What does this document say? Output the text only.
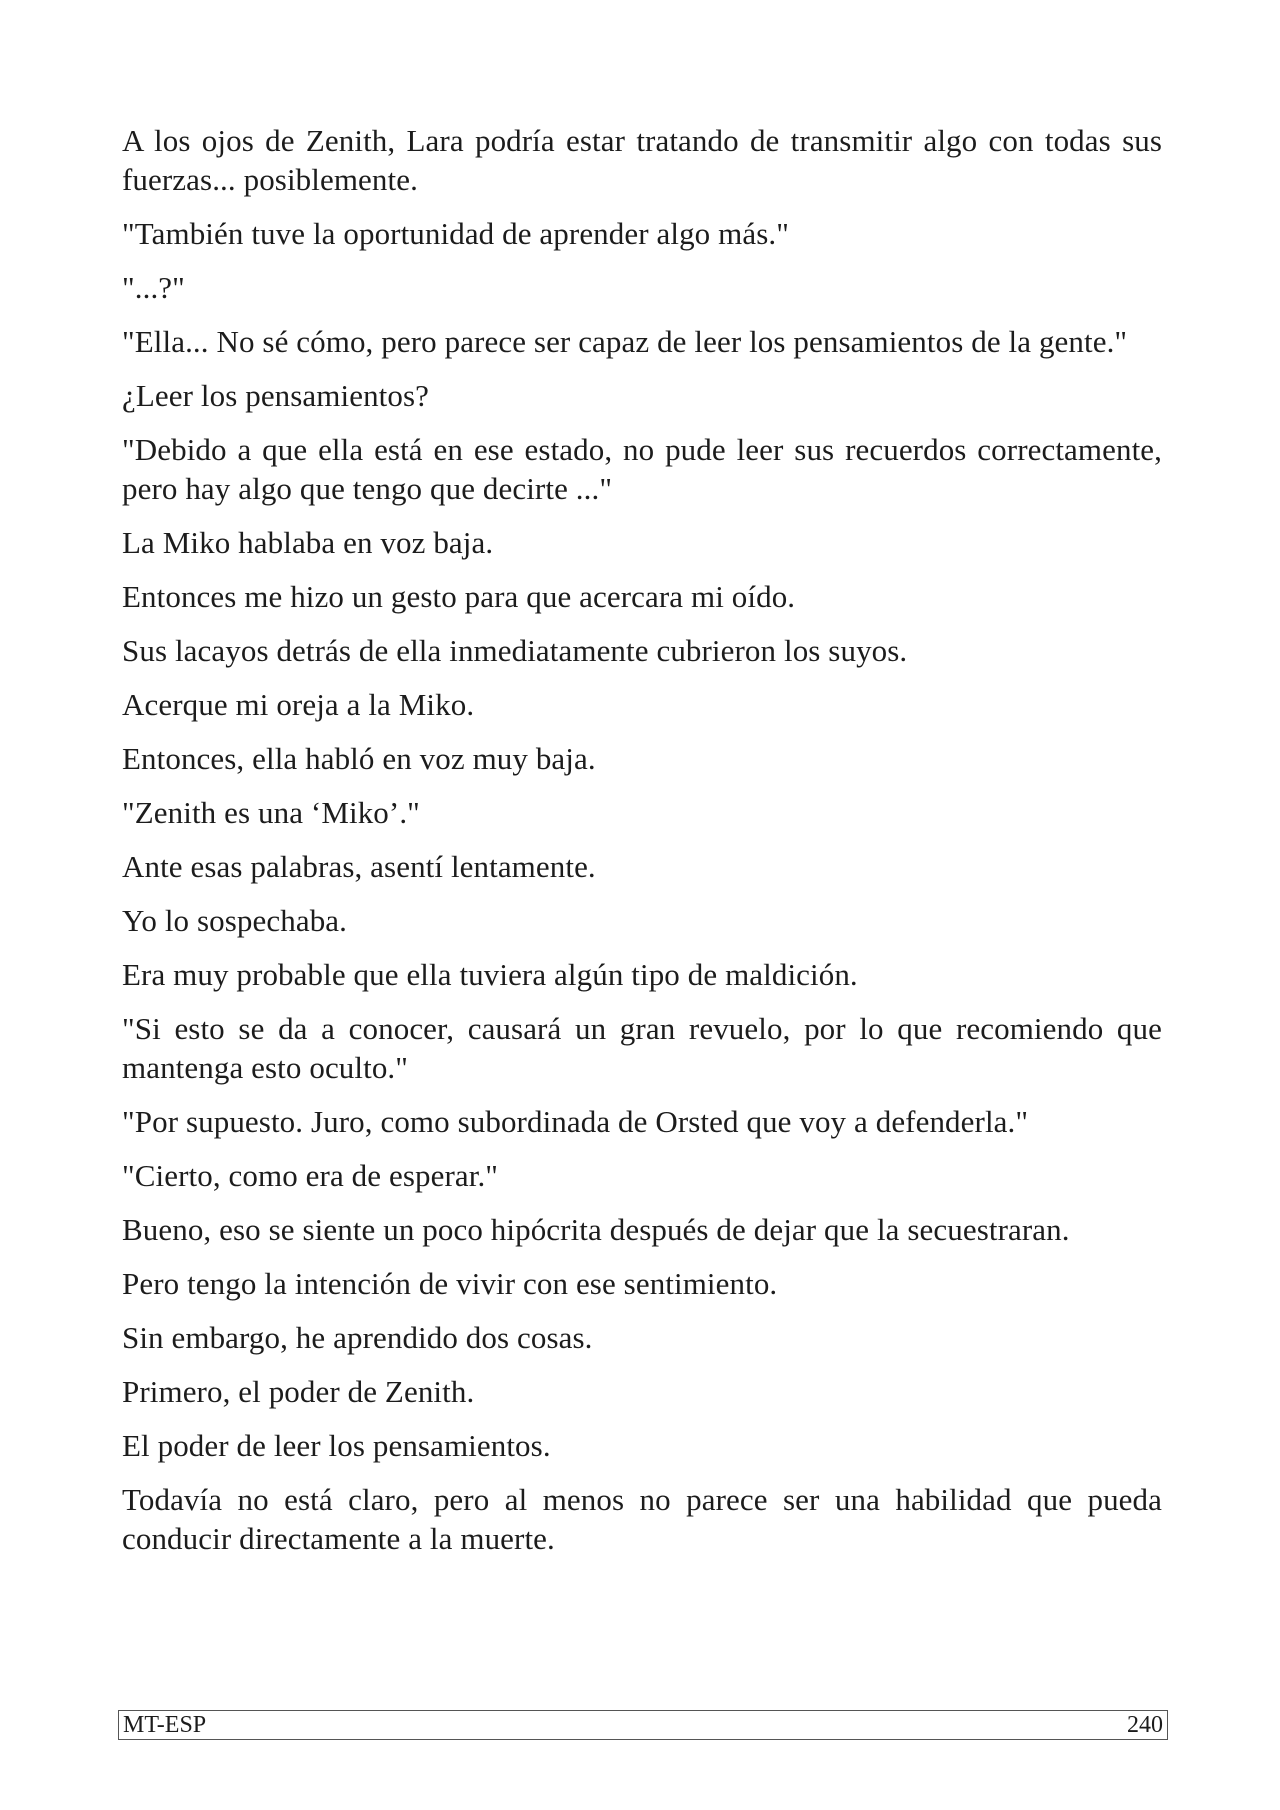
A los ojos de Zenith, Lara podría estar tratando de transmitir algo con todas sus fuerzas... posiblemente.

"También tuve la oportunidad de aprender algo más."

"...?"

"Ella... No sé cómo, pero parece ser capaz de leer los pensamientos de la gente."

¿Leer los pensamientos?

"Debido a que ella está en ese estado, no pude leer sus recuerdos correctamente, pero hay algo que tengo que decirte ..."

La Miko hablaba en voz baja.

Entonces me hizo un gesto para que acercara mi oído.

Sus lacayos detrás de ella inmediatamente cubrieron los suyos.

Acerque mi oreja a la Miko.

Entonces, ella habló en voz muy baja.

"Zenith es una ‘Miko’."

Ante esas palabras, asentí lentamente.

Yo lo sospechaba.

Era muy probable que ella tuviera algún tipo de maldición.

"Si esto se da a conocer, causará un gran revuelo, por lo que recomiendo que mantenga esto oculto."

"Por supuesto. Juro, como subordinada de Orsted que voy a defenderla."

"Cierto, como era de esperar."

Bueno, eso se siente un poco hipócrita después de dejar que la secuestraran.

Pero tengo la intención de vivir con ese sentimiento.

Sin embargo, he aprendido dos cosas.

Primero, el poder de Zenith.

El poder de leer los pensamientos.

Todavía no está claro, pero al menos no parece ser una habilidad que pueda conducir directamente a la muerte.

MT-ESP	240
